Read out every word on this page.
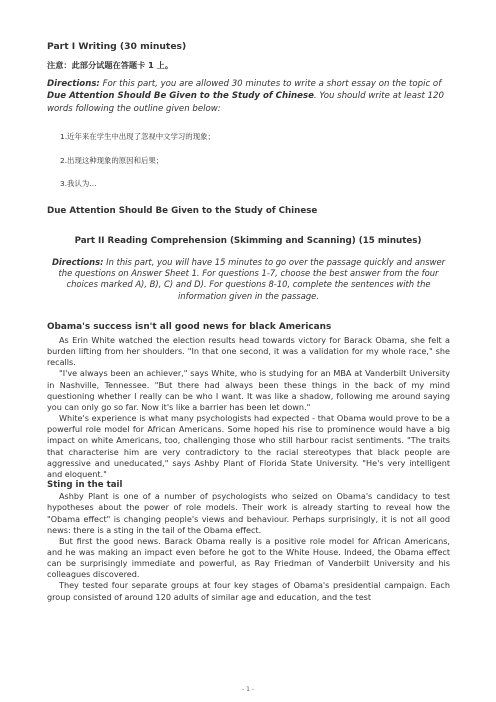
Part I Writing (30 minutes)
注意：此部分试题在答题卡 1 上。
Directions: For this part, you are allowed 30 minutes to write a short essay on the topic of Due Attention Should Be Given to the Study of Chinese. You should write at least 120 words following the outline given below:
1.近年来在学生中出现了忽视中文学习的现象；
2.出现这种现象的原因和后果；
3.我认为…
Due Attention Should Be Given to the Study of Chinese
Part II Reading Comprehension (Skimming and Scanning) (15 minutes)
Directions: In this part, you will have 15 minutes to go over the passage quickly and answer the questions on Answer Sheet 1. For questions 1-7, choose the best answer from the four choices marked A), B), C) and D). For questions 8-10, complete the sentences with the information given in the passage.
Obama's success isn't all good news for black Americans

As Erin White watched the election results head towards victory for Barack Obama, she felt a burden lifting from her shoulders. "In that one second, it was a validation for my whole race," she recalls.

"I've always been an achiever," says White, who is studying for an MBA at Vanderbilt University in Nashville, Tennessee. "But there had always been these things in the back of my mind questioning whether I really can be who I want. It was like a shadow, following me around saying you can only go so far. Now it's like a barrier has been let down."

White's experience is what many psychologists had expected - that Obama would prove to be a powerful role model for African Americans. Some hoped his rise to prominence would have a big impact on white Americans, too, challenging those who still harbour racist sentiments. "The traits that characterise him are very contradictory to the racial stereotypes that black people are aggressive and uneducated," says Ashby Plant of Florida State University. "He's very intelligent and eloquent."

Sting in the tail

Ashby Plant is one of a number of psychologists who seized on Obama's candidacy to test hypotheses about the power of role models. Their work is already starting to reveal how the "Obama effect" is changing people's views and behaviour. Perhaps surprisingly, it is not all good news: there is a sting in the tail of the Obama effect.

But first the good news. Barack Obama really is a positive role model for African Americans, and he was making an impact even before he got to the White House. Indeed, the Obama effect can be surprisingly immediate and powerful, as Ray Friedman of Vanderbilt University and his colleagues discovered.

They tested four separate groups at four key stages of Obama's presidential campaign. Each group consisted of around 120 adults of similar age and education, and the test

- 1 -
